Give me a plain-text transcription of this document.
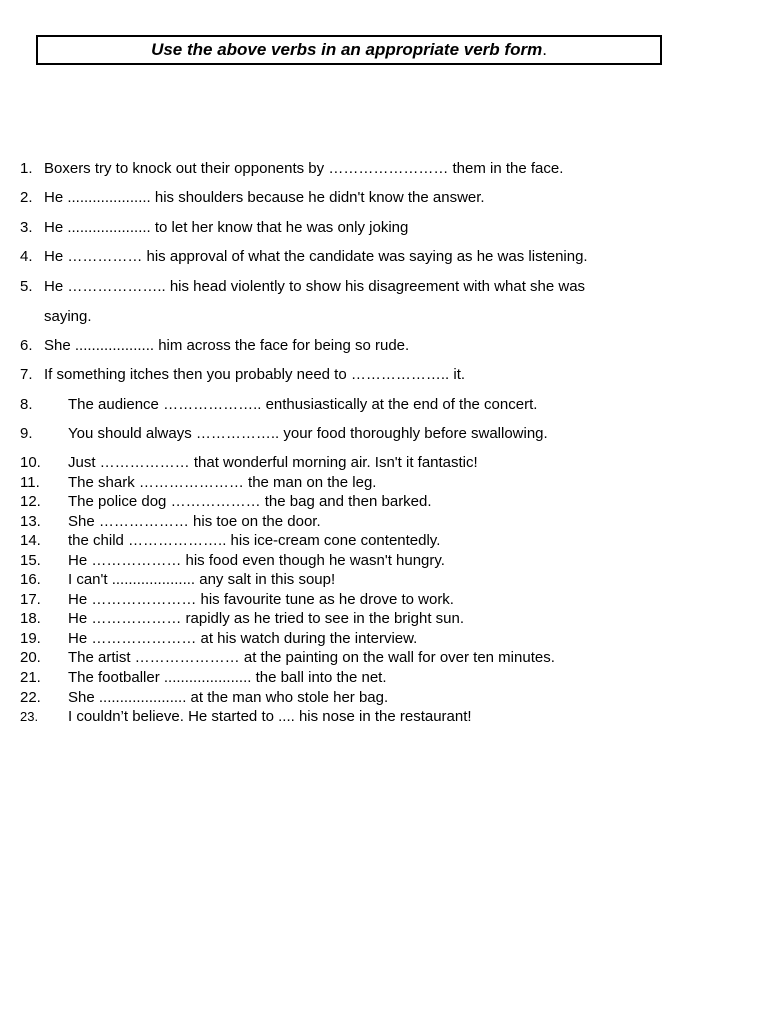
Use the above verbs in an appropriate verb form.
1. Boxers try to knock out their opponents by …………………… them in the face.
2. He .................... his shoulders because he didn't know the answer.
3. He .................... to let her know that he was only joking
4. He …………… his approval of what the candidate was saying as he was listening.
5. He ……………….. his head violently to show his disagreement with what she was
saying.
6. She ................... him across the face for being so rude.
7. If something itches then you probably need to ……………….. it.
8. The audience ……………….. enthusiastically at the end of the concert.
9. You should always …………….. your food thoroughly before swallowing.
10. Just ……………… that wonderful morning air. Isn't it fantastic!
11. The shark ………………… the man on the leg.
12. The police dog ……………… the bag and then barked.
13. She ……………… his toe on the door.
14. the child ……………….. his ice-cream cone contentedly.
15. He ……………… his food even though he wasn't hungry.
16. I can't .................... any salt in this soup!
17. He ………………… his favourite tune as he drove to work.
18. He ……………… rapidly as he tried to see in the bright sun.
19. He ………………… at his watch during the interview.
20. The artist ………………… at the painting on the wall for over ten minutes.
21. The footballer ..................... the ball into the net.
22. She ..................... at the man who stole her bag.
23. I couldn’t believe. He started to .... his nose in the restaurant!
